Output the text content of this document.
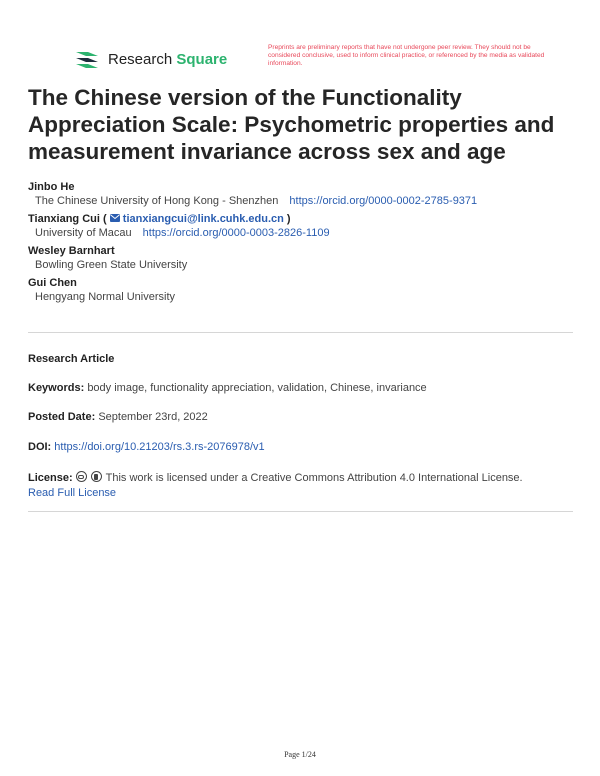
Research Square
Preprints are preliminary reports that have not undergone peer review. They should not be considered conclusive, used to inform clinical practice, or referenced by the media as validated information.
The Chinese version of the Functionality Appreciation Scale: Psychometric properties and measurement invariance across sex and age
Jinbo He
The Chinese University of Hong Kong - Shenzhen https://orcid.org/0000-0002-2785-9371
Tianxiang Cui (  tianxiangcui@link.cuhk.edu.cn )
University of Macau https://orcid.org/0000-0003-2826-1109
Wesley Barnhart
Bowling Green State University
Gui Chen
Hengyang Normal University
Research Article
Keywords: body image, functionality appreciation, validation, Chinese, invariance
Posted Date: September 23rd, 2022
DOI: https://doi.org/10.21203/rs.3.rs-2076978/v1
License:	This work is licensed under a Creative Commons Attribution 4.0 International License.
Read Full License
Page 1/24
